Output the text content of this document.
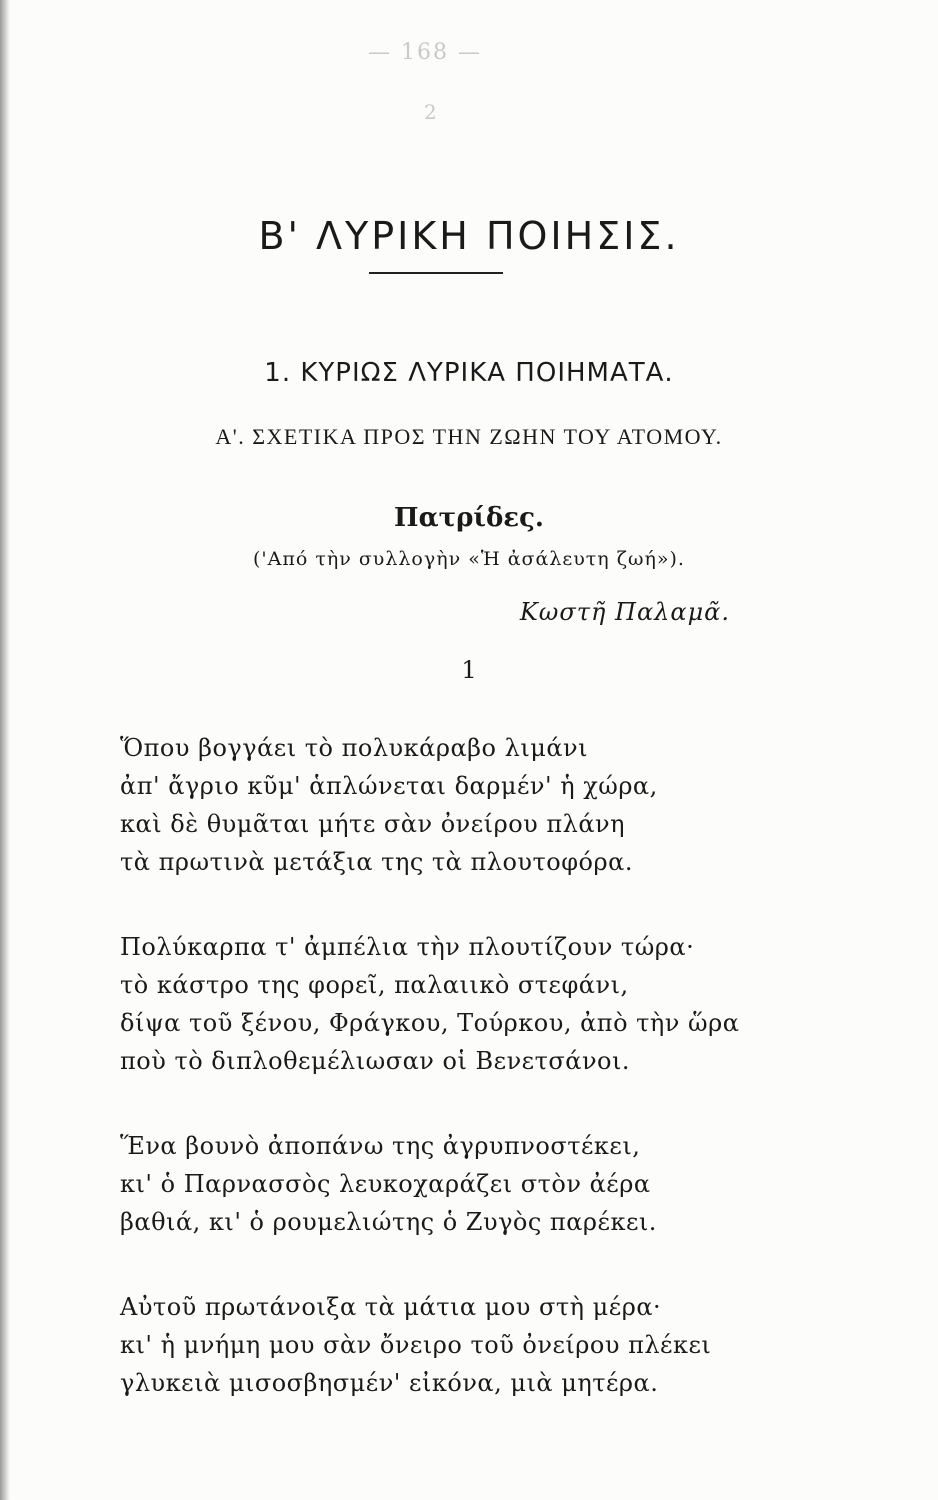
— 168 —
2
Β' ΛΥΡΙΚΗ ΠΟΙΗΣΙΣ.
1. ΚΥΡΙΩΣ ΛΥΡΙΚΑ ΠΟΙΗΜΑΤΑ.
Α'. ΣΧΕΤΙΚΑ ΠΡΟΣ ΤΗΝ ΖΩΗΝ ΤΟΥ ΑΤΟΜΟΥ.
Πατρίδες.
('Από τὴν συλλογὴν «Ἡ ἀσάλευτη ζωή»).
Κωστῆ Παλαμᾶ.
1
Ὅπου βογγάει τὸ πολυκάραβο λιμάνι
ἀπ' ἄγριο κῦμ' ἁπλώνεται δαρμέν' ἡ χώρα,
καὶ δὲ θυμᾶται μήτε σὰν ὀνείρου πλάνη
τὰ πρωτινὰ μετάξια της τὰ πλουτοφόρα.
Πολύκαρπα τ' ἀμπέλια τὴν πλουτίζουν τώρα·
τὸ κάστρο της φορεῖ, παλαιικὸ στεφάνι,
δίψα τοῦ ξένου, Φράγκου, Τούρκου, ἀπὸ τὴν ὥρα
ποὺ τὸ διπλοθεμέλιωσαν οἱ Βενετσάνοι.
Ἕνα βουνὸ ἀποπάνω της ἀγρυπνοστέκει,
κι' ὁ Παρνασσὸς λευκοχαράζει στὸν ἀέρα
βαθιά, κι' ὁ ρουμελιώτης ὁ Ζυγὸς παρέκει.
Αὐτοῦ πρωτάνοιξα τὰ μάτια μου στὴ μέρα·
κι' ἡ μνήμη μου σὰν ὄνειρο τοῦ ὀνείρου πλέκει
γλυκειὰ μισοσβησμέν' εἰκόνα, μιὰ μητέρα.
